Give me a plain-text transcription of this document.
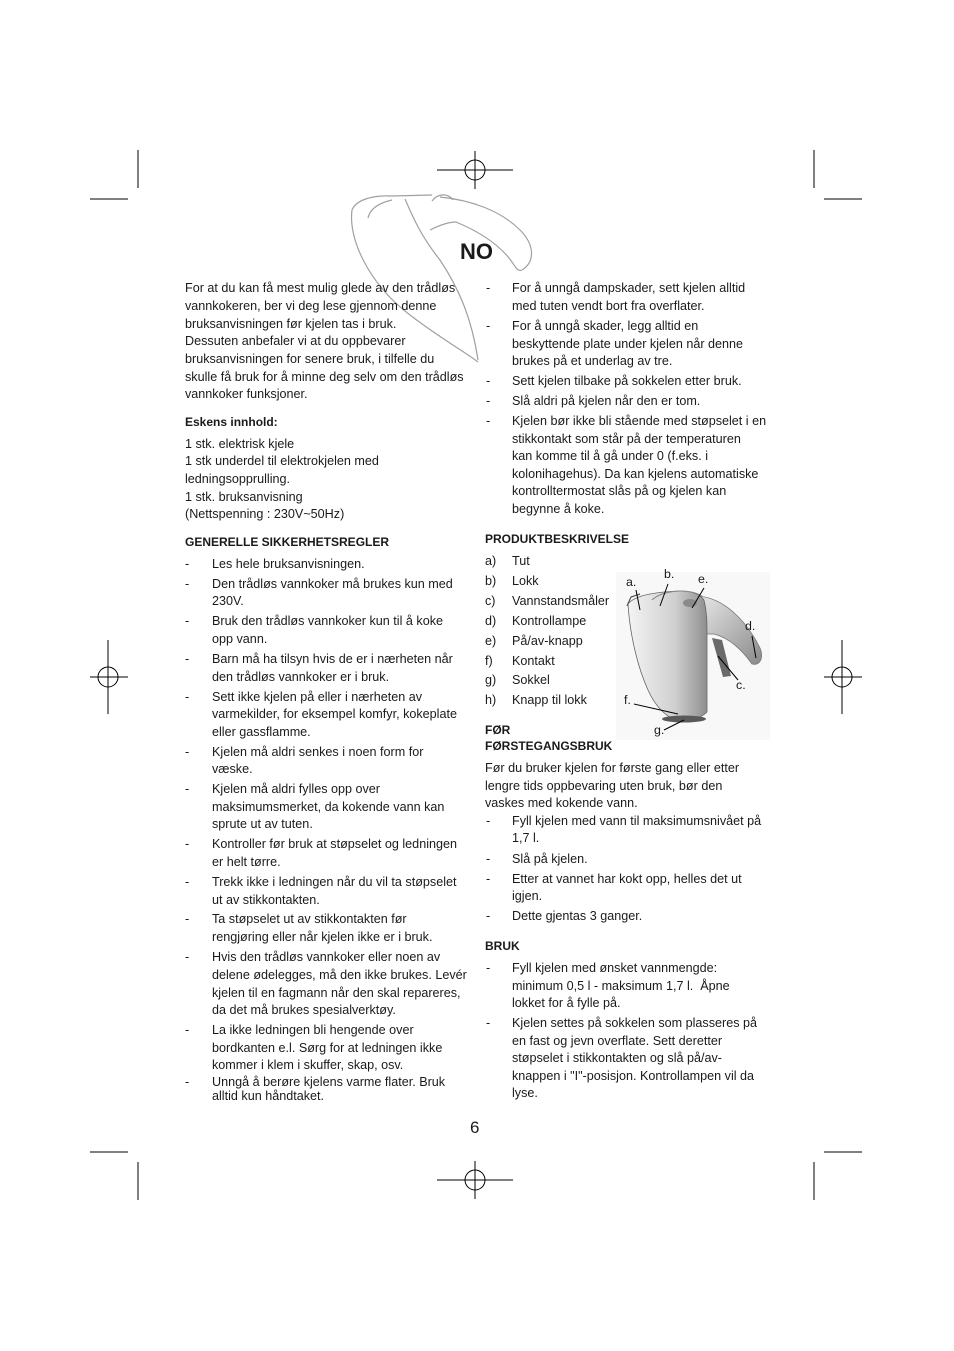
NO
For at du kan få mest mulig glede av den trådløs
vannkokeren, ber vi deg lese gjennom denne
bruksanvisningen før kjelen tas i bruk.
Dessuten anbefaler vi at du oppbevarer
bruksanvisningen for senere bruk, i tilfelle du
skulle få bruk for å minne deg selv om den trådløs
vannkoker funksjoner.
Eskens innhold:
1 stk. elektrisk kjele
1 stk underdel til elektrokjelen med
ledningsopprulling.
1 stk. bruksanvisning
(Nettspenning : 230V~50Hz)
GENERELLE SIKKERHETSREGLER
- Les hele bruksanvisningen.
- Den trådløs vannkoker må brukes kun med
230V.
- Bruk den trådløs vannkoker kun til å koke
opp vann.
- Barn må ha tilsyn hvis de er i nærheten når
den trådløs vannkoker er i bruk.
- Sett ikke kjelen på eller i nærheten av
varmekilder, for eksempel komfyr, kokeplate
eller gassflamme.
- Kjelen må aldri senkes i noen form for
væske.
- Kjelen må aldri fylles opp over
maksimumsmerket, da kokende vann kan
sprute ut av tuten.
- Kontroller før bruk at støpselet og ledningen
er helt tørre.
- Trekk ikke i ledningen når du vil ta støpselet
ut av stikkontakten.
- Ta støpselet ut av stikkontakten før
rengjøring eller når kjelen ikke er i bruk.
- Hvis den trådløs vannkoker eller noen av
delene ødelegges, må den ikke brukes. Levér
kjelen til en fagmann når den skal repareres,
da det må brukes spesialverktøy.
- La ikke ledningen bli hengende over
bordkanten e.l. Sørg for at ledningen ikke
kommer i klem i skuffer, skap, osv.
- Unngå å berøre kjelens varme flater. Bruk
alltid kun håndtaket.
- For å unngå dampskader, sett kjelen alltid
med tuten vendt bort fra overflater.
- For å unngå skader, legg alltid en
beskyttende plate under kjelen når denne
brukes på et underlag av tre.
- Sett kjelen tilbake på sokkelen etter bruk.
- Slå aldri på kjelen når den er tom.
- Kjelen bør ikke bli stående med støpselet i en
stikkontakt som står på der temperaturen
kan komme til å gå under 0 (f.eks. i
kolonihagehus). Da kan kjelens automatiske
kontrolltermostat slås på og kjelen kan
begynne å koke.
PRODUKTBESKRIVELSE
a) Tut
b) Lokk
c) Vannstandsmåler
d) Kontrollampe
e) På/av-knapp
f) Kontakt
g) Sokkel
h) Knapp til lokk
a.
b. e.
d.
c.
f.
g.
FØR
FØRSTEGANGSBRUK
Før du bruker kjelen for første gang eller etter
lengre tids oppbevaring uten bruk, bør den
vaskes med kokende vann.
- Fyll kjelen med vann til maksimumsnivået på
1,7 l.
- Slå på kjelen.
- Etter at vannet har kokt opp, helles det ut
igjen.
- Dette gjentas 3 ganger.
BRUK
- Fyll kjelen med ønsket vannmengde:
minimum 0,5 l - maksimum 1,7 l.  Åpne
lokket for å fylle på.
- Kjelen settes på sokkelen som plasseres på
en fast og jevn overflate. Sett deretter
støpselet i stikkontakten og slå på/av-
knappen i "I"-posisjon. Kontrollampen vil da
lyse.
6
